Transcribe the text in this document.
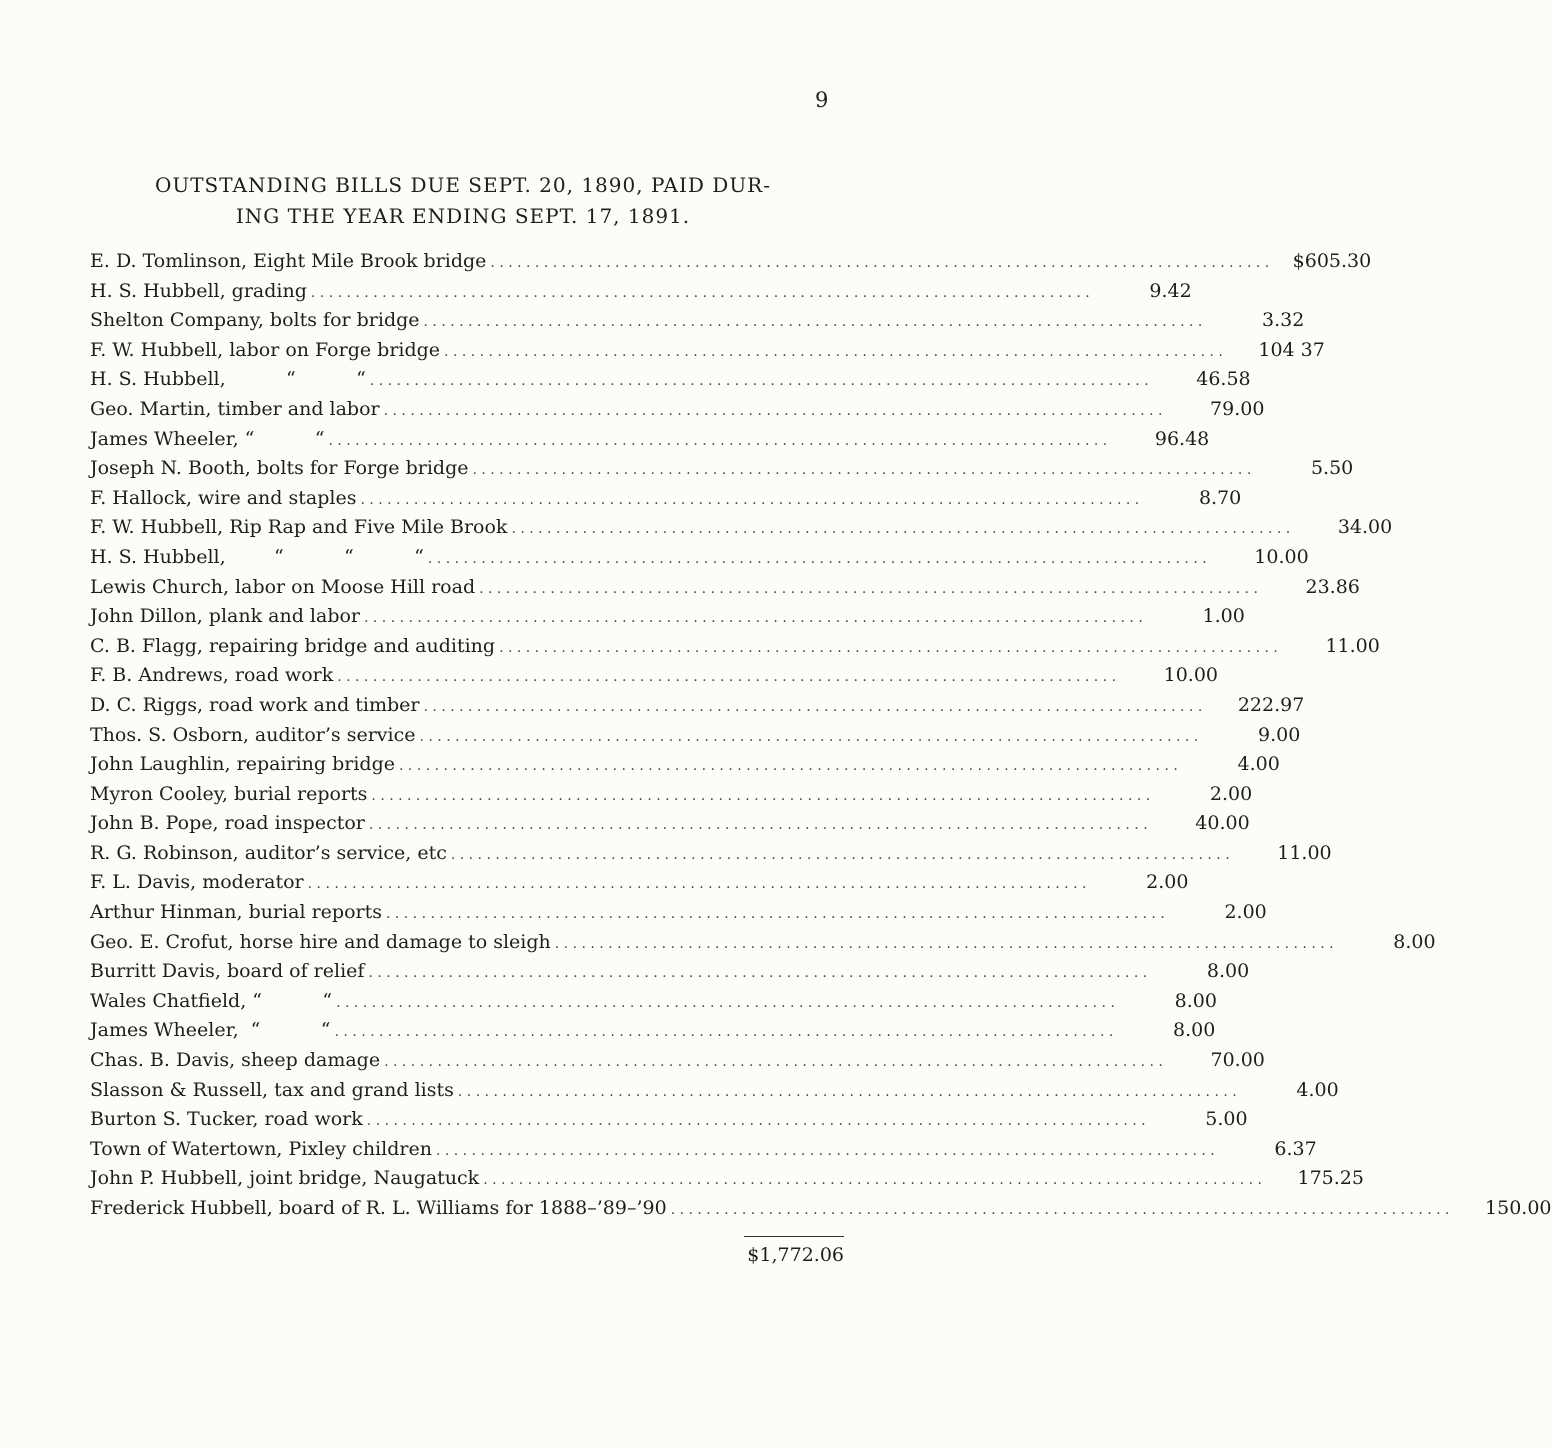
9
OUTSTANDING BILLS DUE SEPT. 20, 1890, PAID DUR-
ING THE YEAR ENDING SEPT. 17, 1891.
E. D. Tomlinson, Eight Mile Brook bridge . . .	$605.30
H. S. Hubbell, grading . . .	9.42
Shelton Company, bolts for bridge . . .	3.32
F. W. Hubbell, labor on Forge bridge . . .	104 37
H. S. Hubbell,          “          “ . . .	46.58
Geo. Martin, timber and labor . . .	79.00
James Wheeler, “          “ . . .	96.48
Joseph N. Booth, bolts for Forge bridge . . .	5.50
F. Hallock, wire and staples . . .	8.70
F. W. Hubbell, Rip Rap and Five Mile Brook . . .	34.00
H. S. Hubbell,        “          “          “ . . .	10.00
Lewis Church, labor on Moose Hill road . . .	23.86
John Dillon, plank and labor . . .	1.00
C. B. Flagg, repairing bridge and auditing . . .	11.00
F. B. Andrews, road work . . .	10.00
D. C. Riggs, road work and timber . . .	222.97
Thos. S. Osborn, auditor’s service . . .	9.00
John Laughlin, repairing bridge . . .	4.00
Myron Cooley, burial reports . . .	2.00
John B. Pope, road inspector . . .	40.00
R. G. Robinson, auditor’s service, etc . . .	11.00
F. L. Davis, moderator . . .	2.00
Arthur Hinman, burial reports . . .	2.00
Geo. E. Crofut, horse hire and damage to sleigh . . .	8.00
Burritt Davis, board of relief . . .	8.00
Wales Chatfield, “          “ . . .	8.00
James Wheeler,  “          “ . . .	8.00
Chas. B. Davis, sheep damage . . .	70.00
Slasson & Russell, tax and grand lists . . .	4.00
Burton S. Tucker, road work . . .	5.00
Town of Watertown, Pixley children . . .	6.37
John P. Hubbell, joint bridge, Naugatuck . . .	175.25
Frederick Hubbell, board of R. L. Williams for 1888–’89–’90 . . .	150.00
$1,772.06
